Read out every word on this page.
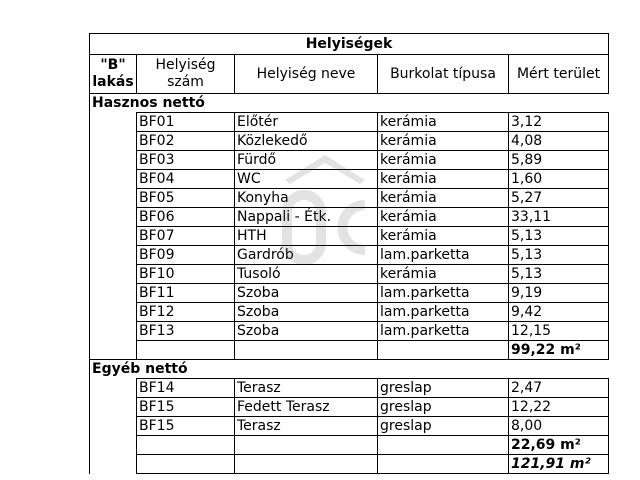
Helyiségek				
"B" lakás	Helyiség szám	Helyiség neve	Burkolat típusa	Mért terület
Hasznos nettó				
	BF01	Előtér	kerámia	3,12
	BF02	Közlekedő	kerámia	4,08
	BF03	Fürdő	kerámia	5,89
	BF04	WC	kerámia	1,60
	BF05	Konyha	kerámia	5,27
	BF06	Nappali - Étk.	kerámia	33,11
	BF07	HTH	kerámia	5,13
	BF09	Gardrób	lam.parketta	5,13
	BF10	Tusoló	kerámia	5,13
	BF11	Szoba	lam.parketta	9,19
	BF12	Szoba	lam.parketta	9,42
	BF13	Szoba	lam.parketta	12,15
				99,22 m²
Egyéb nettó				
	BF14	Terasz	greslap	2,47
	BF15	Fedett Terasz	greslap	12,22
	BF15	Terasz	greslap	8,00
				22,69 m²
				121,91 m²
